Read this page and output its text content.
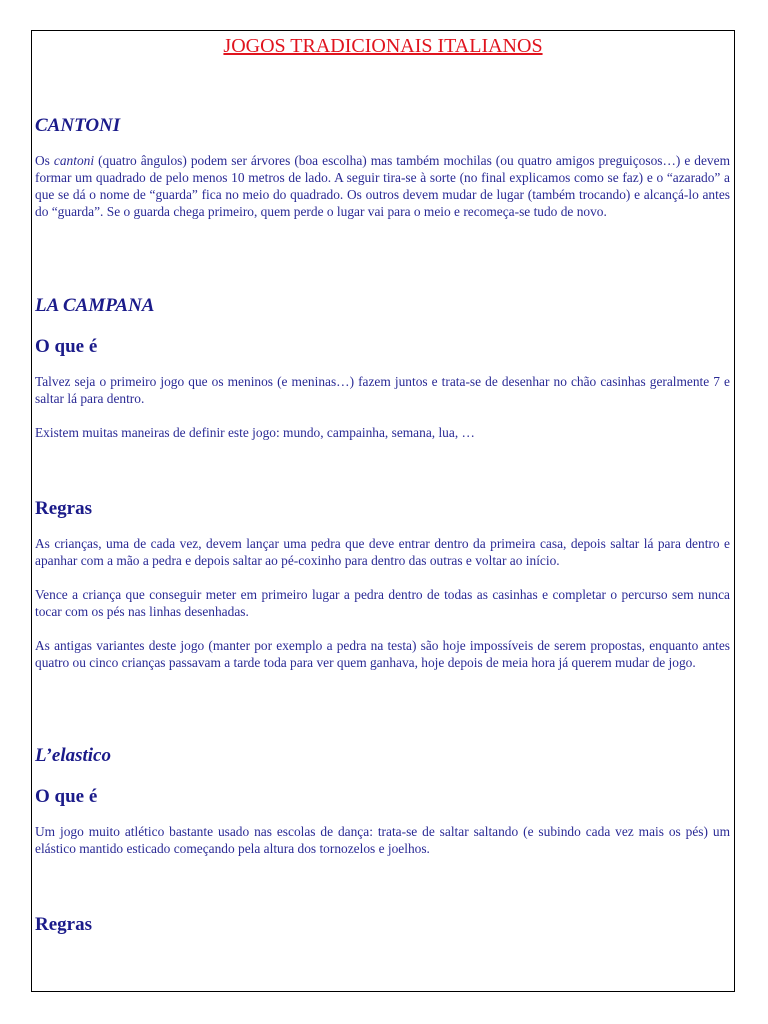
JOGOS TRADICIONAIS ITALIANOS
CANTONI

Os cantoni (quatro ângulos) podem ser árvores (boa escolha) mas também mochilas (ou quatro amigos preguiçosos…) e devem formar um quadrado de pelo menos 10 metros de lado. A seguir tira-se à sorte (no final explicamos como se faz) e o “azarado” a que se dá o nome de “guarda” fica no meio do quadrado. Os outros devem mudar de lugar (também trocando) e alcançá-lo antes do “guarda”. Se o guarda chega primeiro, quem perde o lugar vai para o meio e recomeça-se tudo de novo.

LA CAMPANA
O que é

Talvez seja o primeiro jogo que os meninos (e meninas…) fazem juntos e trata-se de desenhar no chão casinhas geralmente 7 e saltar lá para dentro.

Existem muitas maneiras de definir este jogo: mundo, campainha, semana, lua, …

Regras

As crianças, uma de cada vez, devem lançar uma pedra que deve entrar dentro da primeira casa, depois saltar lá para dentro e apanhar com a mão a pedra e depois saltar ao pé-coxinho para dentro das outras e voltar ao início.

Vence a criança que conseguir meter em primeiro lugar a pedra dentro de todas as casinhas e completar o percurso sem nunca tocar com os pés nas linhas desenhadas.

As antigas variantes deste jogo (manter por exemplo a pedra na testa) são hoje impossíveis de serem propostas, enquanto antes quatro ou cinco crianças passavam a tarde toda para ver quem ganhava, hoje depois de meia hora já querem mudar de jogo.

L’elastico
O que é

Um jogo muito atlético bastante usado nas escolas de dança: trata-se de saltar saltando (e subindo cada vez mais os pés) um elástico mantido esticado começando pela altura dos tornozelos e joelhos.

Regras
